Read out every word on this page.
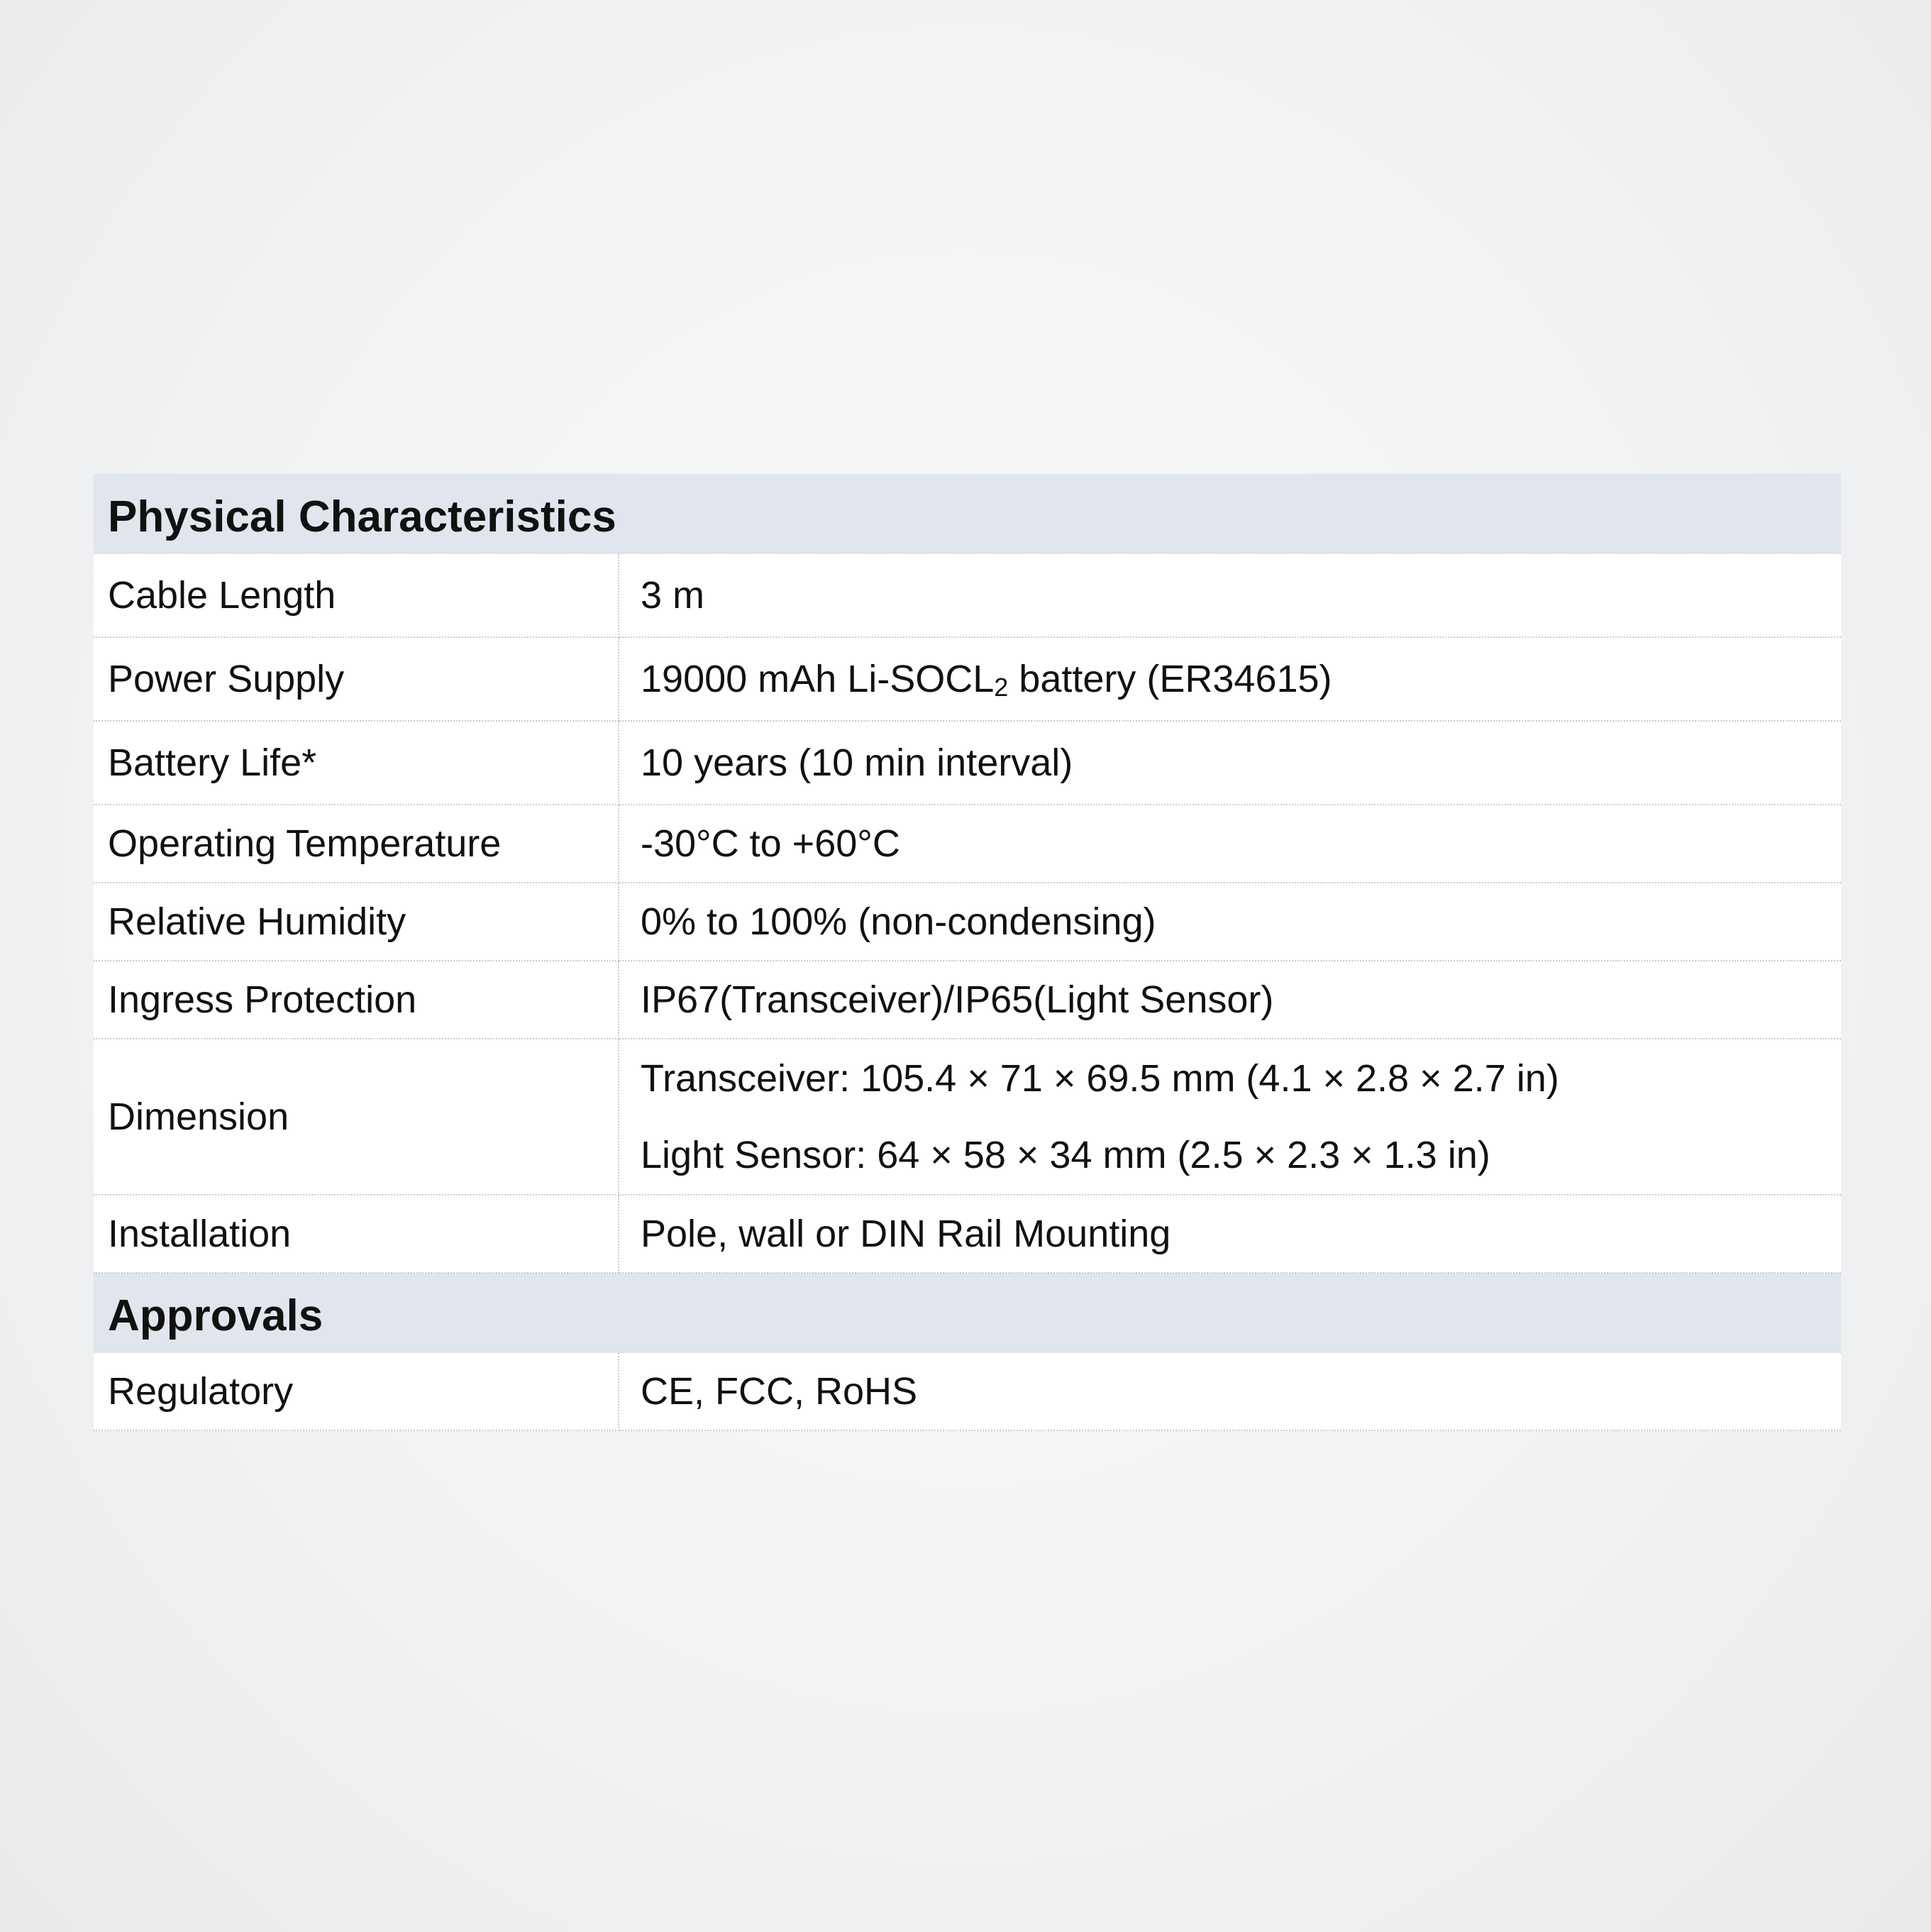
Physical Characteristics	
Cable Length	3 m
Power Supply	19000 mAh $Li-SOCL_2$ battery (ER34615)
Battery Life*	10 years (10 min interval)
Operating Temperature	-30°C to +60°C
Relative Humidity	0% to 100% (non-condensing)
Ingress Protection	IP67(Transceiver)/IP65(Light Sensor)
Dimension	Transceiver: 105.4 × 71 × 69.5 mm (4.1 × 2.8 × 2.7 in)
Light Sensor: 64 × 58 × 34 mm (2.5 × 2.3 × 1.3 in)

Installation	Pole, wall or DIN Rail Mounting
Approvals	
Regulatory	CE, FCC, RoHS
